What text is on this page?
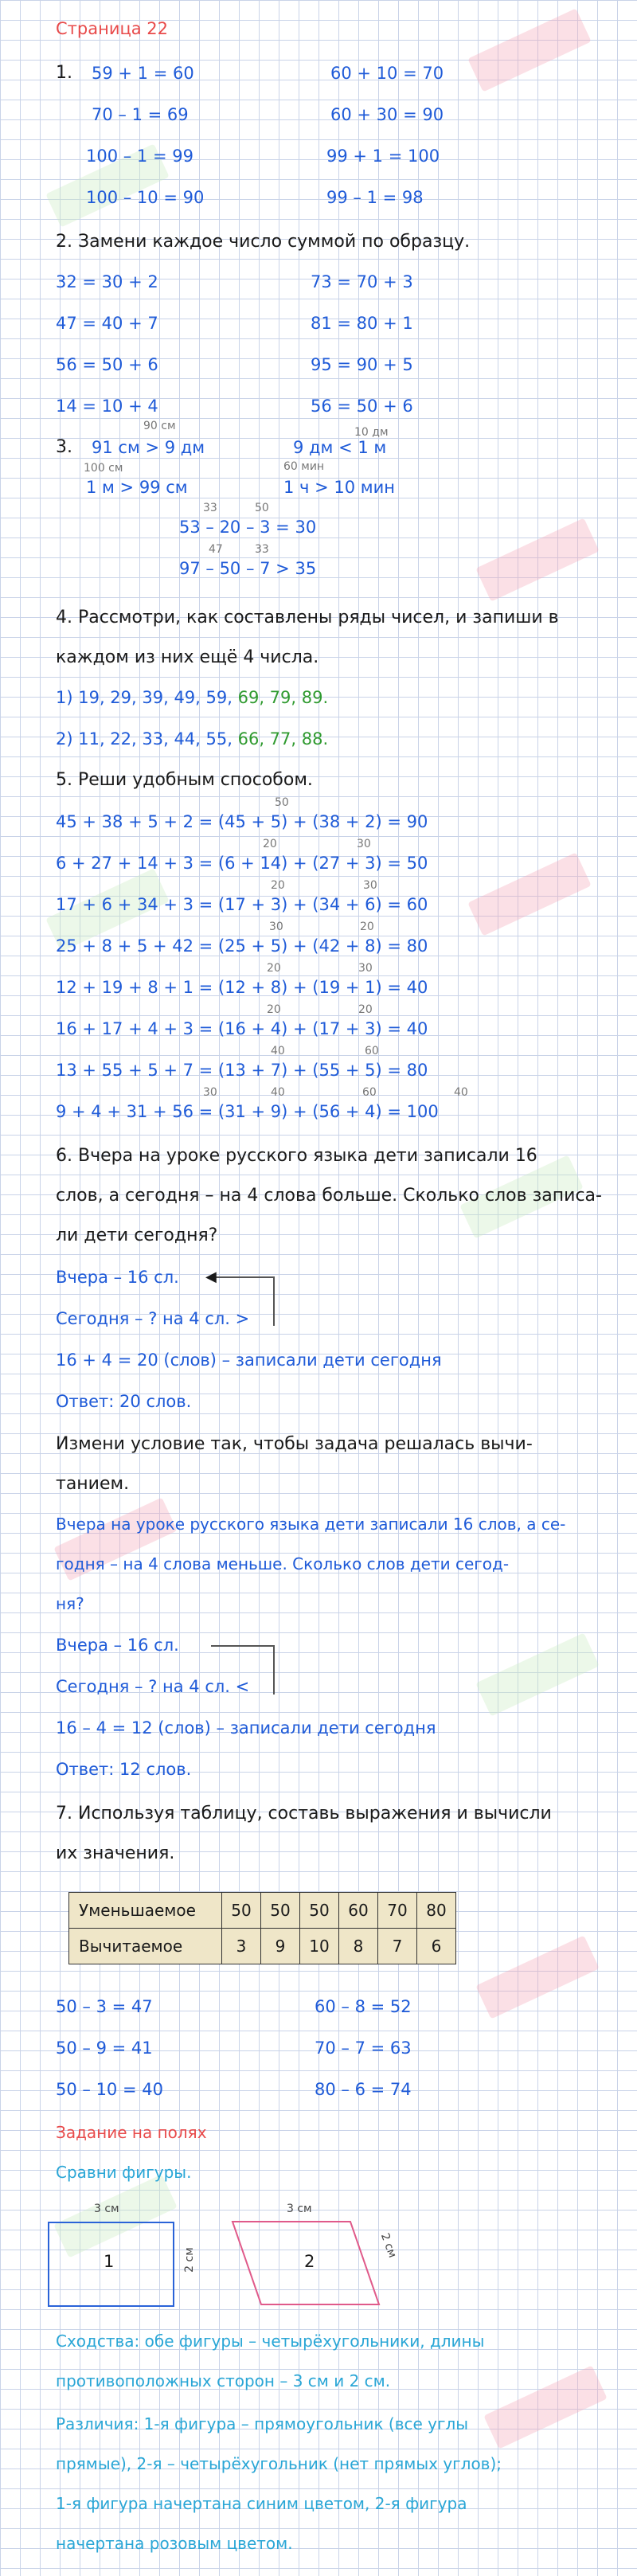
Страница 22
1. 59 + 1 = 60
70 – 1 = 69
100 – 1 = 99
100 – 10 = 90
60 + 10 = 70
60 + 30 = 90
99 + 1 = 100
99 – 1 = 98
2. Замени каждое число суммой по образцу.
32 = 30 + 2
47 = 40 + 7
56 = 50 + 6
14 = 10 + 4
73 = 70 + 3
81 = 80 + 1
95 = 90 + 5
56 = 50 + 6
90 см	10 дм
3. 91 см > 9 дм	9 дм < 1 м
100 см	60 мин
1 м > 99 см	1 ч > 10 мин
33
53 – 20 – 3 = 30
47	33
50
97 – 50 – 7 > 35
4. Рассмотри, как составлены ряды чисел, и запиши в
каждом из них ещё 4 числа.
1) 19, 29, 39, 49, 59, 69, 79, 89.
2) 11, 22, 33, 44, 55, 66, 77, 88.
5. Реши удобным способом.
50
45 + 38 + 5 + 2 = (45 + 5) + (38 + 2) = 90
20	30
6 + 27 + 14 + 3 = (6 + 14) + (27 + 3) = 50
20	30
17 + 6 + 34 + 3 = (17 + 3) + (34 + 6) = 60
30	20
25 + 8 + 5 + 42 = (25 + 5) + (42 + 8) = 80
20	30
12 + 19 + 8 + 1 = (12 + 8) + (19 + 1) = 40
20	20
16 + 17 + 4 + 3 = (16 + 4) + (17 + 3) = 40
40	60
13 + 55 + 5 + 7 = (13 + 7) + (55 + 5) = 80
40	60
9 + 4 + 31 + 56 = (31 + 9) + (56 + 4) = 100
30	40
6. Вчера на уроке русского языка дети записали 16
слов, а сегодня – на 4 слова больше. Сколько слов записа-
ли дети сегодня?
Вчера – 16 сл.
Сегодня – ? на 4 сл. >
◀
16 + 4 = 20 (слов) – записали дети сегодня
Ответ: 20 слов.
Измени условие так, чтобы задача решалась вычи-
танием.
Вчера на уроке русского языка дети записали 16 слов, а се-
годня – на 4 слова меньше. Сколько слов дети сегод-
ня?
Вчера – 16 сл.
Сегодня – ? на 4 сл. <
16 – 4 = 12 (слов) – записали дети сегодня
Ответ: 12 слов.
7. Используя таблицу, составь выражения и вычисли
их значения.
Уменьшаемое	50	50	50	60	70	80
Вычитаемое	3	9	10	8	7	6
50 – 3 = 47
50 – 9 = 41
50 – 10 = 40
60 – 8 = 52
70 – 7 = 63
80 – 6 = 74
Задание на полях
Сравни фигуры.
3 см
1	2 см
3 см
2
2 см
Сходства: обе фигуры – четырёхугольники, длины
противоположных сторон – 3 см и 2 см.
Различия: 1-я фигура – прямоугольник (все углы
прямые), 2-я – четырёхугольник (нет прямых углов);
1-я фигура начертана синим цветом, 2-я фигура
начертана розовым цветом.
